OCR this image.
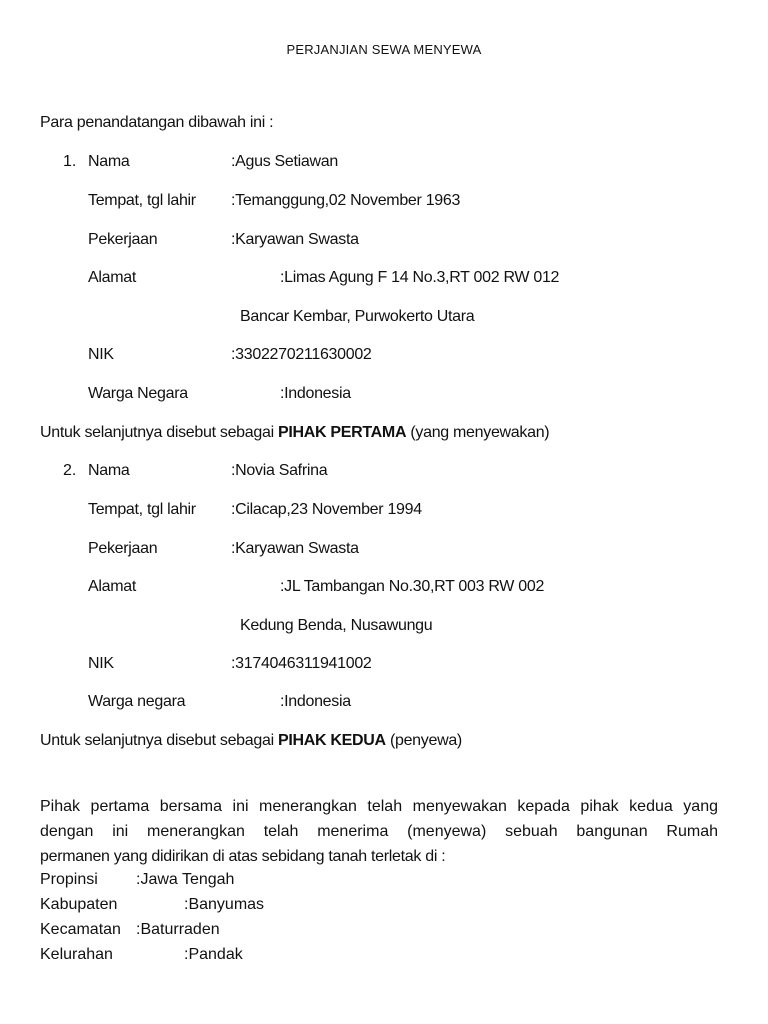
PERJANJIAN SEWA MENYEWA
Para penandatangan dibawah ini :
1. Nama	:Agus Setiawan
Tempat, tgl lahir :Temanggung,02 November 1963
Pekerjaan	:Karyawan Swasta
Alamat	:Limas Agung F 14 No.3,RT 002 RW 012
Bancar Kembar, Purwokerto Utara
NIK	:3302270211630002
Warga Negara	:Indonesia
Untuk selanjutnya disebut sebagai PIHAK PERTAMA (yang menyewakan)
2. Nama	:Novia Safrina
Tempat, tgl lahir :Cilacap,23 November 1994
Pekerjaan	:Karyawan Swasta
Alamat	:JL Tambangan No.30,RT 003 RW 002
Kedung Benda, Nusawungu
NIK	:3174046311941002
Warga negara	:Indonesia
Untuk selanjutnya disebut sebagai PIHAK KEDUA (penyewa)
Pihak pertama bersama ini menerangkan telah menyewakan kepada pihak kedua yang
dengan ini menerangkan telah menerima (menyewa) sebuah bangunan Rumah
permanen yang didirikan di atas sebidang tanah terletak di :
Propinsi :Jawa Tengah
Kabupaten	:Banyumas
Kecamatan :Baturraden
Kelurahan	:Pandak
